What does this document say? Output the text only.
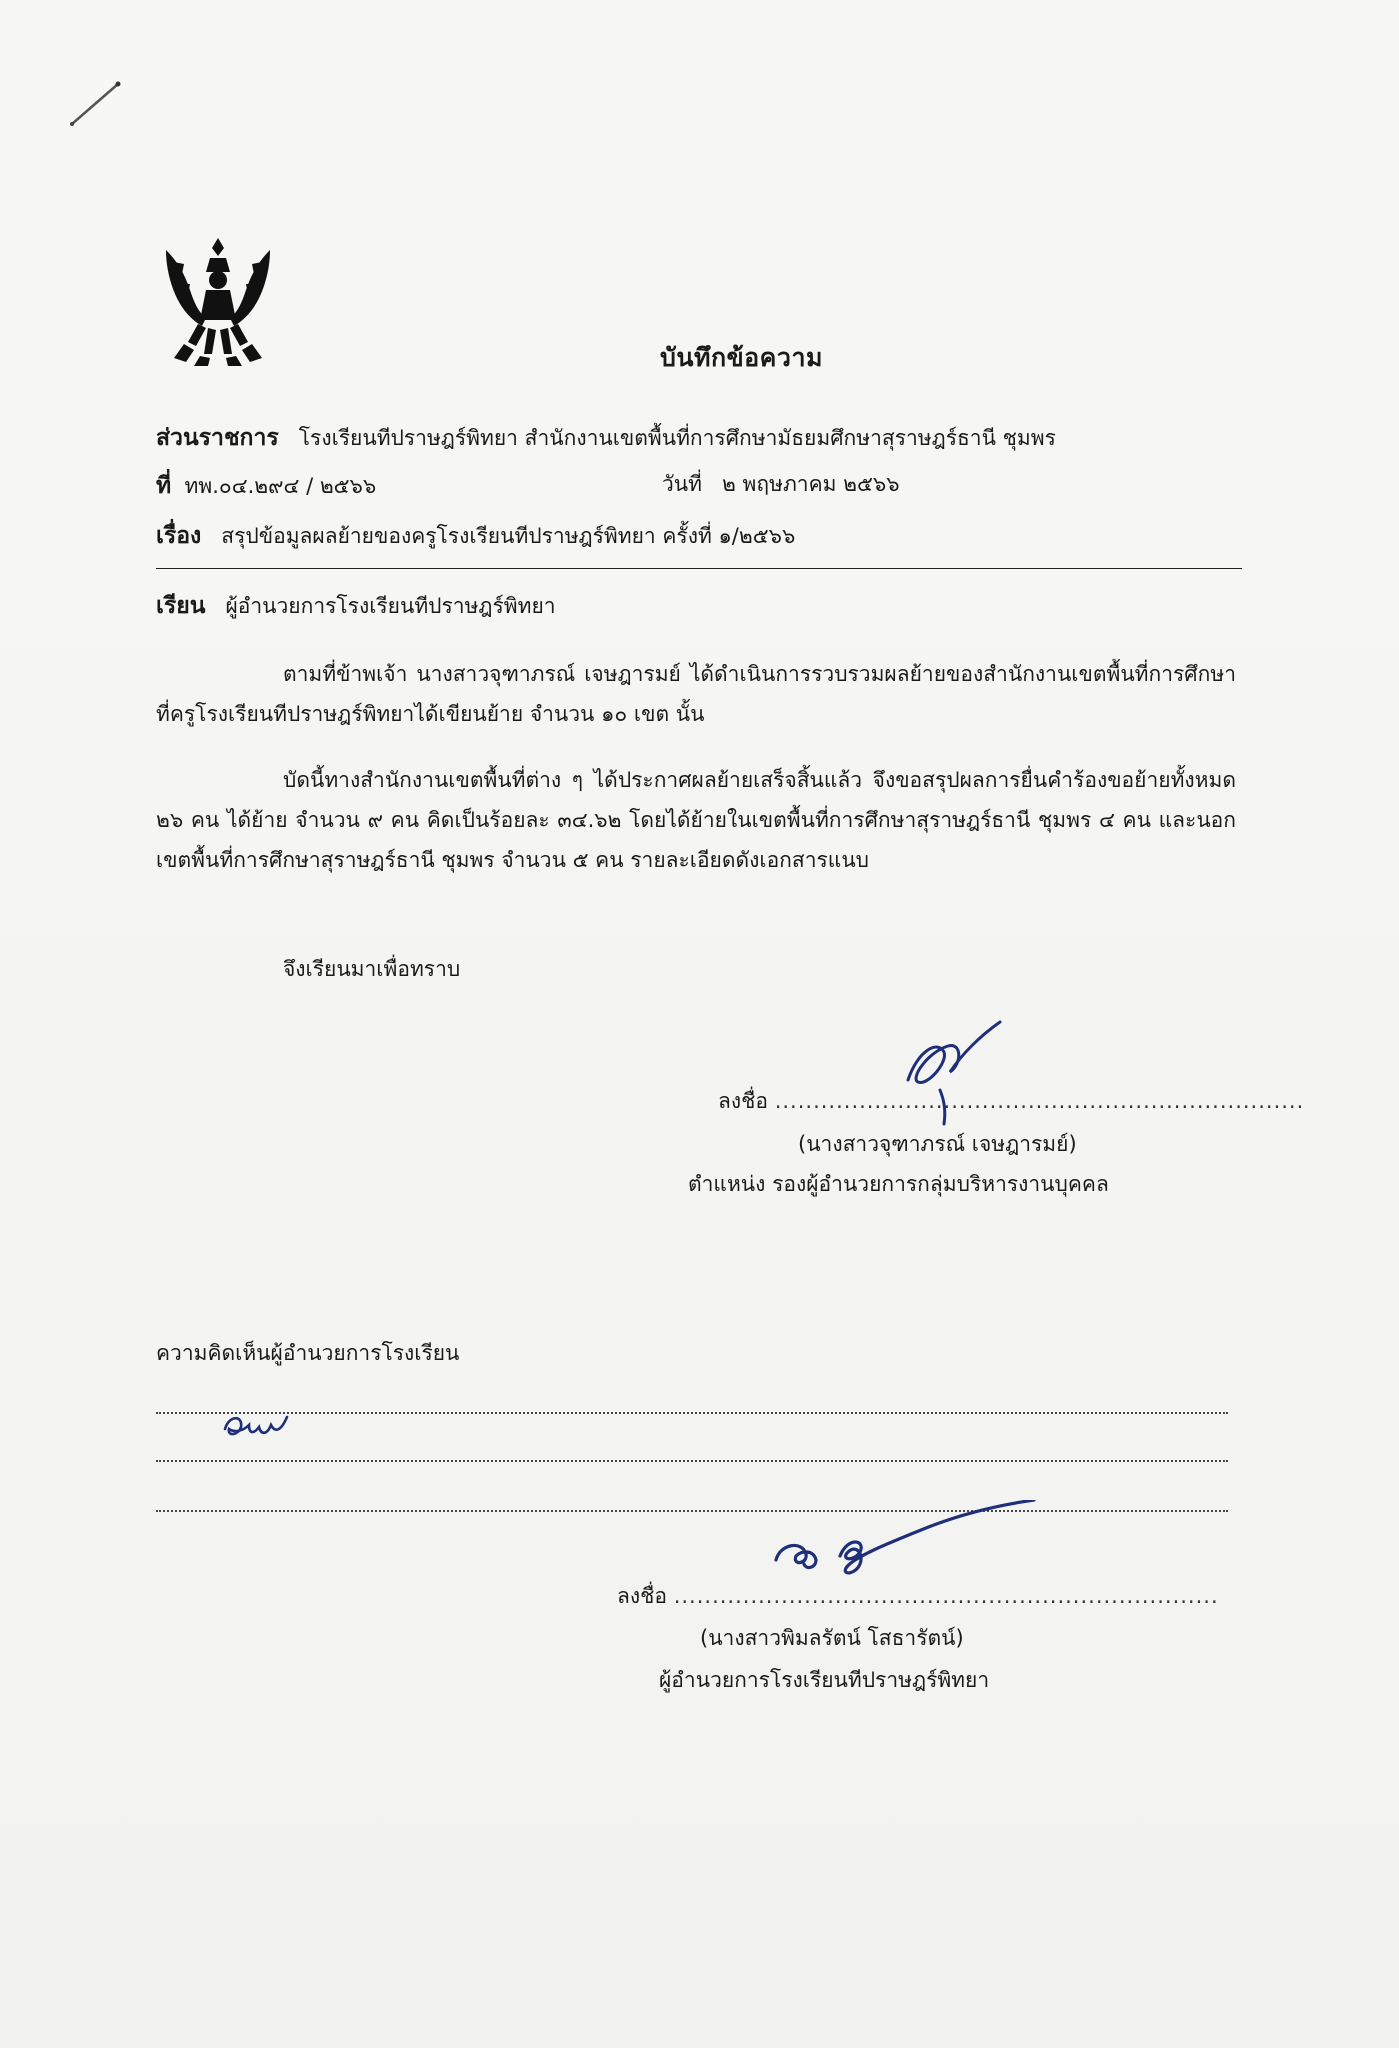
บันทึกข้อความ
ส่วนราชการ โรงเรียนทีปราษฎร์พิทยา สำนักงานเขตพื้นที่การศึกษามัธยมศึกษาสุราษฎร์ธานี ชุมพร
ที่ ทพ.๐๔.๒๙๔ / ๒๕๖๖	วันที่ ๒ พฤษภาคม ๒๕๖๖
เรื่อง สรุปข้อมูลผลย้ายของครูโรงเรียนทีปราษฎร์พิทยา ครั้งที่ ๑/๒๕๖๖
เรียน ผู้อำนวยการโรงเรียนทีปราษฎร์พิทยา
ตามที่ข้าพเจ้า นางสาวจุฑาภรณ์ เจษฎารมย์ ได้ดำเนินการรวบรวมผลย้ายของสำนักงานเขตพื้นที่การศึกษาที่ครูโรงเรียนทีปราษฎร์พิทยาได้เขียนย้าย จำนวน ๑๐ เขต นั้น
บัดนี้ทางสำนักงานเขตพื้นที่ต่าง ๆ ได้ประกาศผลย้ายเสร็จสิ้นแล้ว จึงขอสรุปผลการยื่นคำร้องขอย้ายทั้งหมด ๒๖ คน ได้ย้าย จำนวน ๙ คน คิดเป็นร้อยละ ๓๔.๖๒ โดยได้ย้ายในเขตพื้นที่การศึกษาสุราษฎร์ธานี ชุมพร ๔ คน และนอกเขตพื้นที่การศึกษาสุราษฎร์ธานี ชุมพร จำนวน ๕ คน รายละเอียดดังเอกสารแนบ
จึงเรียนมาเพื่อทราบ
ลงชื่อ .....................................................................
(นางสาวจุฑาภรณ์ เจษฎารมย์)
ตำแหน่ง รองผู้อำนวยการกลุ่มบริหารงานบุคคล
ความคิดเห็นผู้อำนวยการโรงเรียน
ลงชื่อ .......................................................................
(นางสาวพิมลรัตน์ โสธารัตน์)
ผู้อำนวยการโรงเรียนทีปราษฎร์พิทยา
